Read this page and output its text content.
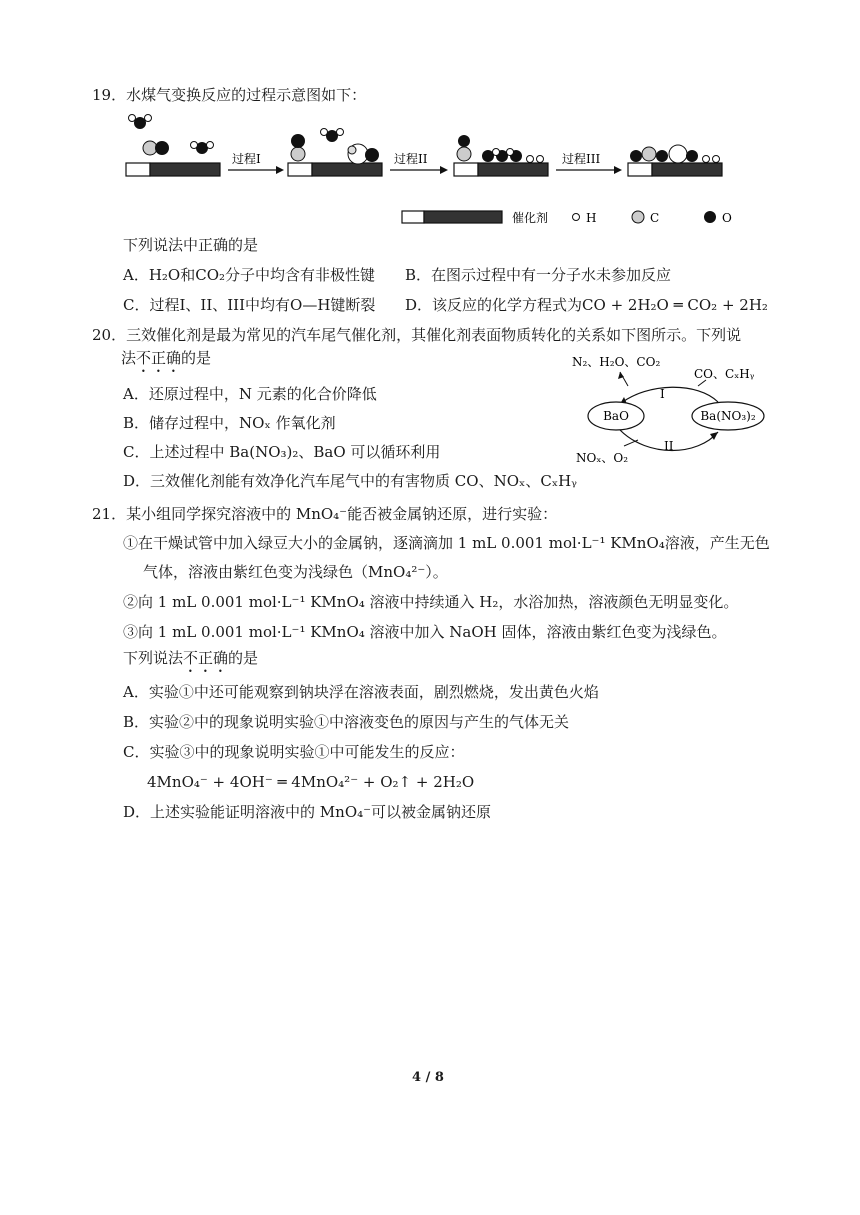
19．水煤气变换反应的过程示意图如下：
过程I	过程II	过程III
催化剂	H	C	O
下列说法中正确的是
A．H₂O和CO₂分子中均含有非极性键 B．在图示过程中有一分子水未参加反应
C．过程I、II、III中均有O—H键断裂 D．该反应的化学方程式为CO + 2H₂O ═ CO₂ + 2H₂
20．三效催化剂是最为常见的汽车尾气催化剂，其催化剂表面物质转化的关系如下图所示。下列说
法不正确的是
A．还原过程中，N 元素的化合价降低
B．储存过程中，NOₓ 作氧化剂
C．上述过程中 Ba(NO₃)₂、BaO 可以循环利用
D．三效催化剂能有效净化汽车尾气中的有害物质 CO、NOₓ、CₓHᵧ
N₂、H₂O、CO₂
CO、CₓHᵧ
I
BaO	Ba(NO₃)₂
II
NOₓ、O₂
21．某小组同学探究溶液中的 MnO₄⁻能否被金属钠还原，进行实验：
①在干燥试管中加入绿豆大小的金属钠，逐滴滴加 1 mL 0.001 mol·L⁻¹ KMnO₄溶液，产生无色
气体，溶液由紫红色变为浅绿色（MnO₄²⁻）。
②向 1 mL 0.001 mol·L⁻¹ KMnO₄ 溶液中持续通入 H₂，水浴加热，溶液颜色无明显变化。
③向 1 mL 0.001 mol·L⁻¹ KMnO₄ 溶液中加入 NaOH 固体，溶液由紫红色变为浅绿色。
下列说法不正确的是
A．实验①中还可能观察到钠块浮在溶液表面，剧烈燃烧，发出黄色火焰
B．实验②中的现象说明实验①中溶液变色的原因与产生的气体无关
C．实验③中的现象说明实验①中可能发生的反应：
4MnO₄⁻ + 4OH⁻ ═ 4MnO₄²⁻ + O₂↑ + 2H₂O
D．上述实验能证明溶液中的 MnO₄⁻可以被金属钠还原
4 / 8
